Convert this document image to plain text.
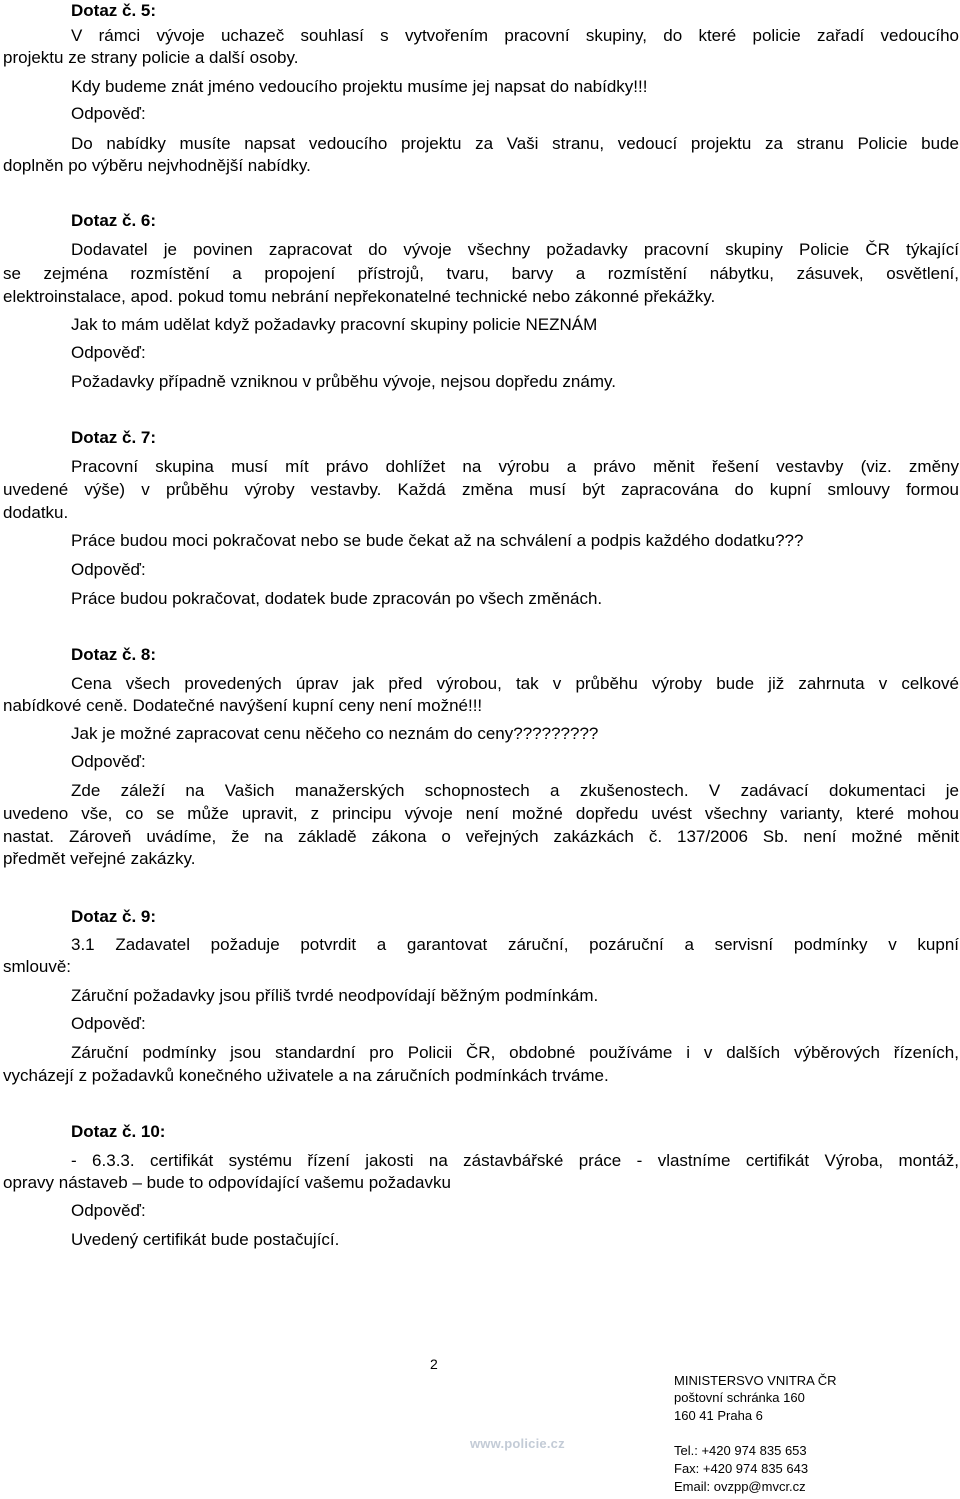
Dotaz č. 5:
V rámci vývoje uchazeč souhlasí s vytvořením pracovní skupiny, do které policie zařadí vedoucího
projektu ze strany policie a další osoby.
Kdy budeme znát jméno vedoucího projektu musíme jej napsat do nabídky!!!
Odpověď:
Do nabídky musíte napsat vedoucího projektu za Vaši stranu, vedoucí projektu za stranu Policie bude
doplněn po výběru nejvhodnější nabídky.
Dotaz č. 6:
Dodavatel je povinen zapracovat do vývoje všechny požadavky pracovní skupiny Policie ČR týkající
se zejména rozmístění a propojení přístrojů, tvaru, barvy a rozmístění nábytku, zásuvek, osvětlení,
elektroinstalace, apod. pokud tomu nebrání nepřekonatelné technické nebo zákonné překážky.
Jak to mám udělat když požadavky pracovní skupiny policie NEZNÁM
Odpověď:
Požadavky případně vzniknou v průběhu vývoje, nejsou dopředu známy.
Dotaz č. 7:
Pracovní skupina musí mít právo dohlížet na výrobu a právo měnit řešení vestavby (viz. změny
uvedené výše) v průběhu výroby vestavby. Každá změna musí být zapracována do kupní smlouvy formou
dodatku.
Práce budou moci pokračovat nebo se bude čekat až na schválení a podpis každého dodatku???
Odpověď:
Práce budou pokračovat, dodatek bude zpracován po všech změnách.
Dotaz č. 8:
Cena všech provedených úprav jak před výrobou, tak v průběhu výroby bude již zahrnuta v celkové
nabídkové ceně. Dodatečné navýšení kupní ceny není možné!!!
Jak je možné zapracovat cenu něčeho co neznám do ceny?????????
Odpověď:
Zde záleží na Vašich manažerských schopnostech a zkušenostech. V zadávací dokumentaci je
uvedeno vše, co se může upravit, z principu vývoje není možné dopředu uvést všechny varianty, které mohou
nastat. Zároveň uvádíme, že na základě zákona o veřejných zakázkách č. 137/2006 Sb. není možné měnit
předmět veřejné zakázky.
Dotaz č. 9:
3.1 Zadavatel požaduje potvrdit a garantovat záruční, pozáruční a servisní podmínky v kupní
smlouvě:
Záruční požadavky jsou příliš tvrdé neodpovídají běžným podmínkám.
Odpověď:
Záruční podmínky jsou standardní pro Policii ČR, obdobné používáme i v dalších výběrových řízeních,
vycházejí z požadavků konečného uživatele a na záručních podmínkách trváme.
Dotaz č. 10:
- 6.3.3. certifikát systému řízení jakosti na zástavbářské práce - vlastníme certifikát Výroba, montáž,
opravy nástaveb – bude to odpovídající vašemu požadavku
Odpověď:
Uvedený certifikát bude postačující.
2
MINISTERSVO VNITRA ČR
poštovní schránka 160
160 41 Praha 6
Tel.: +420 974 835 653
Fax: +420 974 835 643
Email: ovzpp@mvcr.cz
www.policie.cz
